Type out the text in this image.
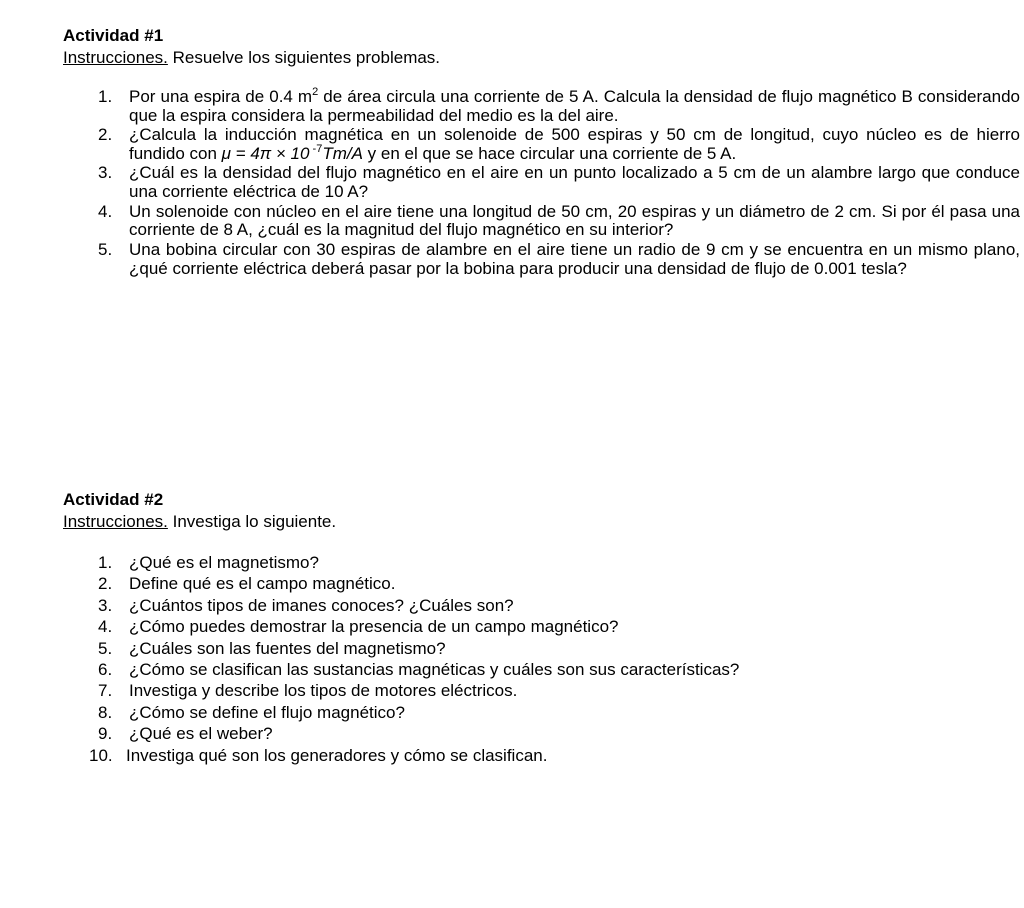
Actividad #1

Instrucciones. Resuelve los siguientes problemas.

1. Por una espira de 0.4 $m^2$ de área circula una corriente de 5 A. Calcula la densidad de flujo magnético B considerando que la espira considera la permeabilidad del medio es la del aire.
2. ¿Calcula la inducción magnética en un solenoide de 500 espiras y 50 cm de longitud, cuyo núcleo es de hierro fundido con μ = 4π × 10 $^{-7}$Tm/A y en el que se hace circular una corriente de 5 A.
3. ¿Cuál es la densidad del flujo magnético en el aire en un punto localizado a 5 cm de un alambre largo que conduce una corriente eléctrica de 10 A?
4. Un solenoide con núcleo en el aire tiene una longitud de 50 cm, 20 espiras y un diámetro de 2 cm. Si por él pasa una corriente de 8 A, ¿cuál es la magnitud del flujo magnético en su interior?
5. Una bobina circular con 30 espiras de alambre en el aire tiene un radio de 9 cm y se encuentra en un mismo plano, ¿qué corriente eléctrica deberá pasar por la bobina para producir una densidad de flujo de 0.001 tesla?

Actividad #2

Instrucciones. Investiga lo siguiente.

1. ¿Qué es el magnetismo?
2. Define qué es el campo magnético.
3. ¿Cuántos tipos de imanes conoces? ¿Cuáles son?
4. ¿Cómo puedes demostrar la presencia de un campo magnético?
5. ¿Cuáles son las fuentes del magnetismo?
6. ¿Cómo se clasifican las sustancias magnéticas y cuáles son sus características?
7. Investiga y describe los tipos de motores eléctricos.
8. ¿Cómo se define el flujo magnético?
9. ¿Qué es el weber?
10. Investiga qué son los generadores y cómo se clasifican.
